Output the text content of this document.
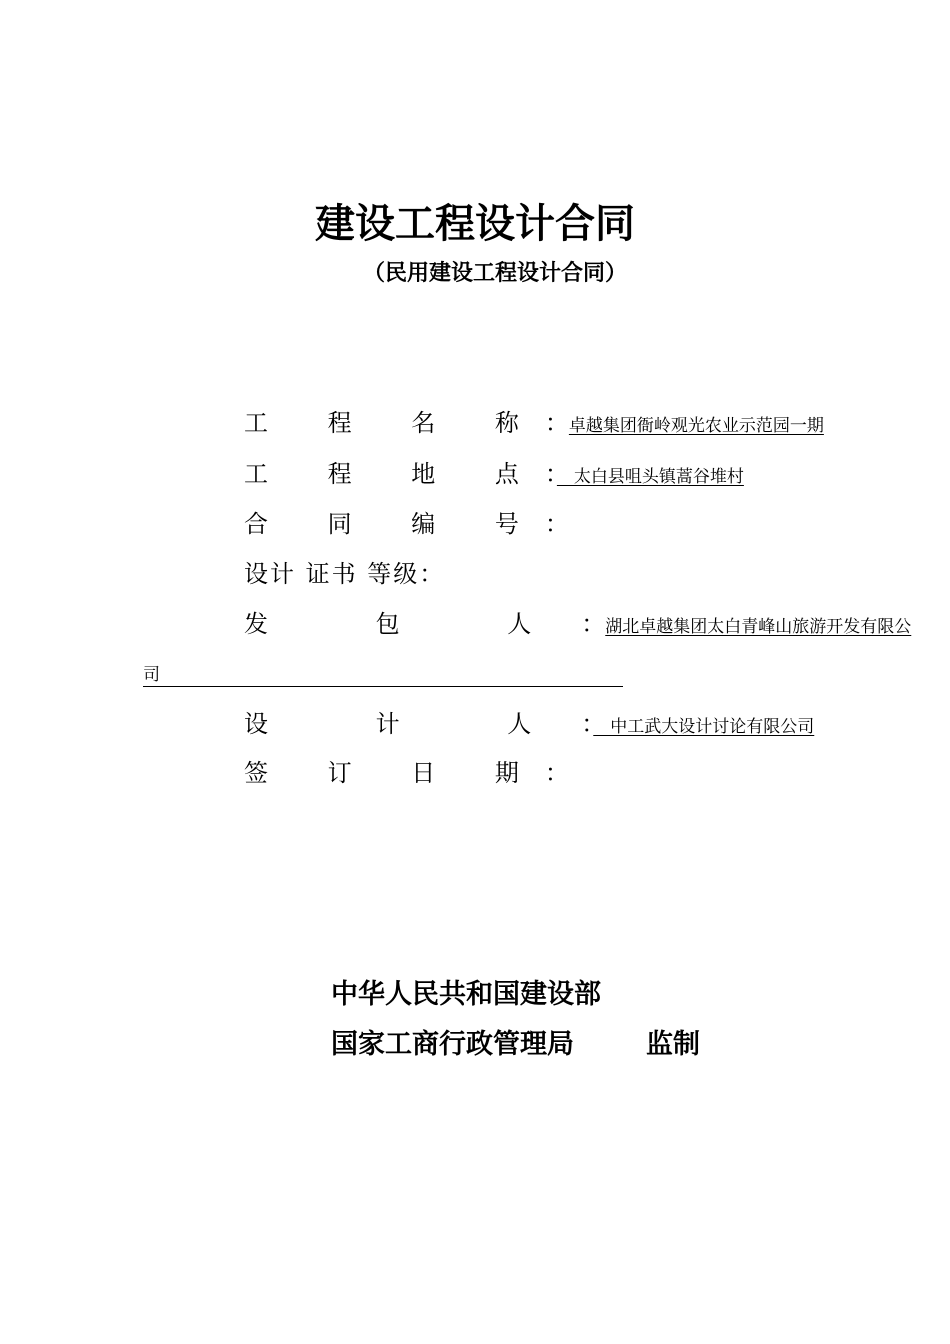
建设工程设计合同
（民用建设工程设计合同）
工 程 名 称：卓越集团衙岭观光农业示范园一期
工 程 地 点：　太白县咀头镇蒿谷堆村
合 同 编 号：
设计 证书 等级：
发 包 人：湖北卓越集团太白青峰山旅游开发有限公
司
设 计 人：　中工武大设计讨论有限公司
签 订 日 期：
中华人民共和国建设部
国家工商行政管理局	监制
